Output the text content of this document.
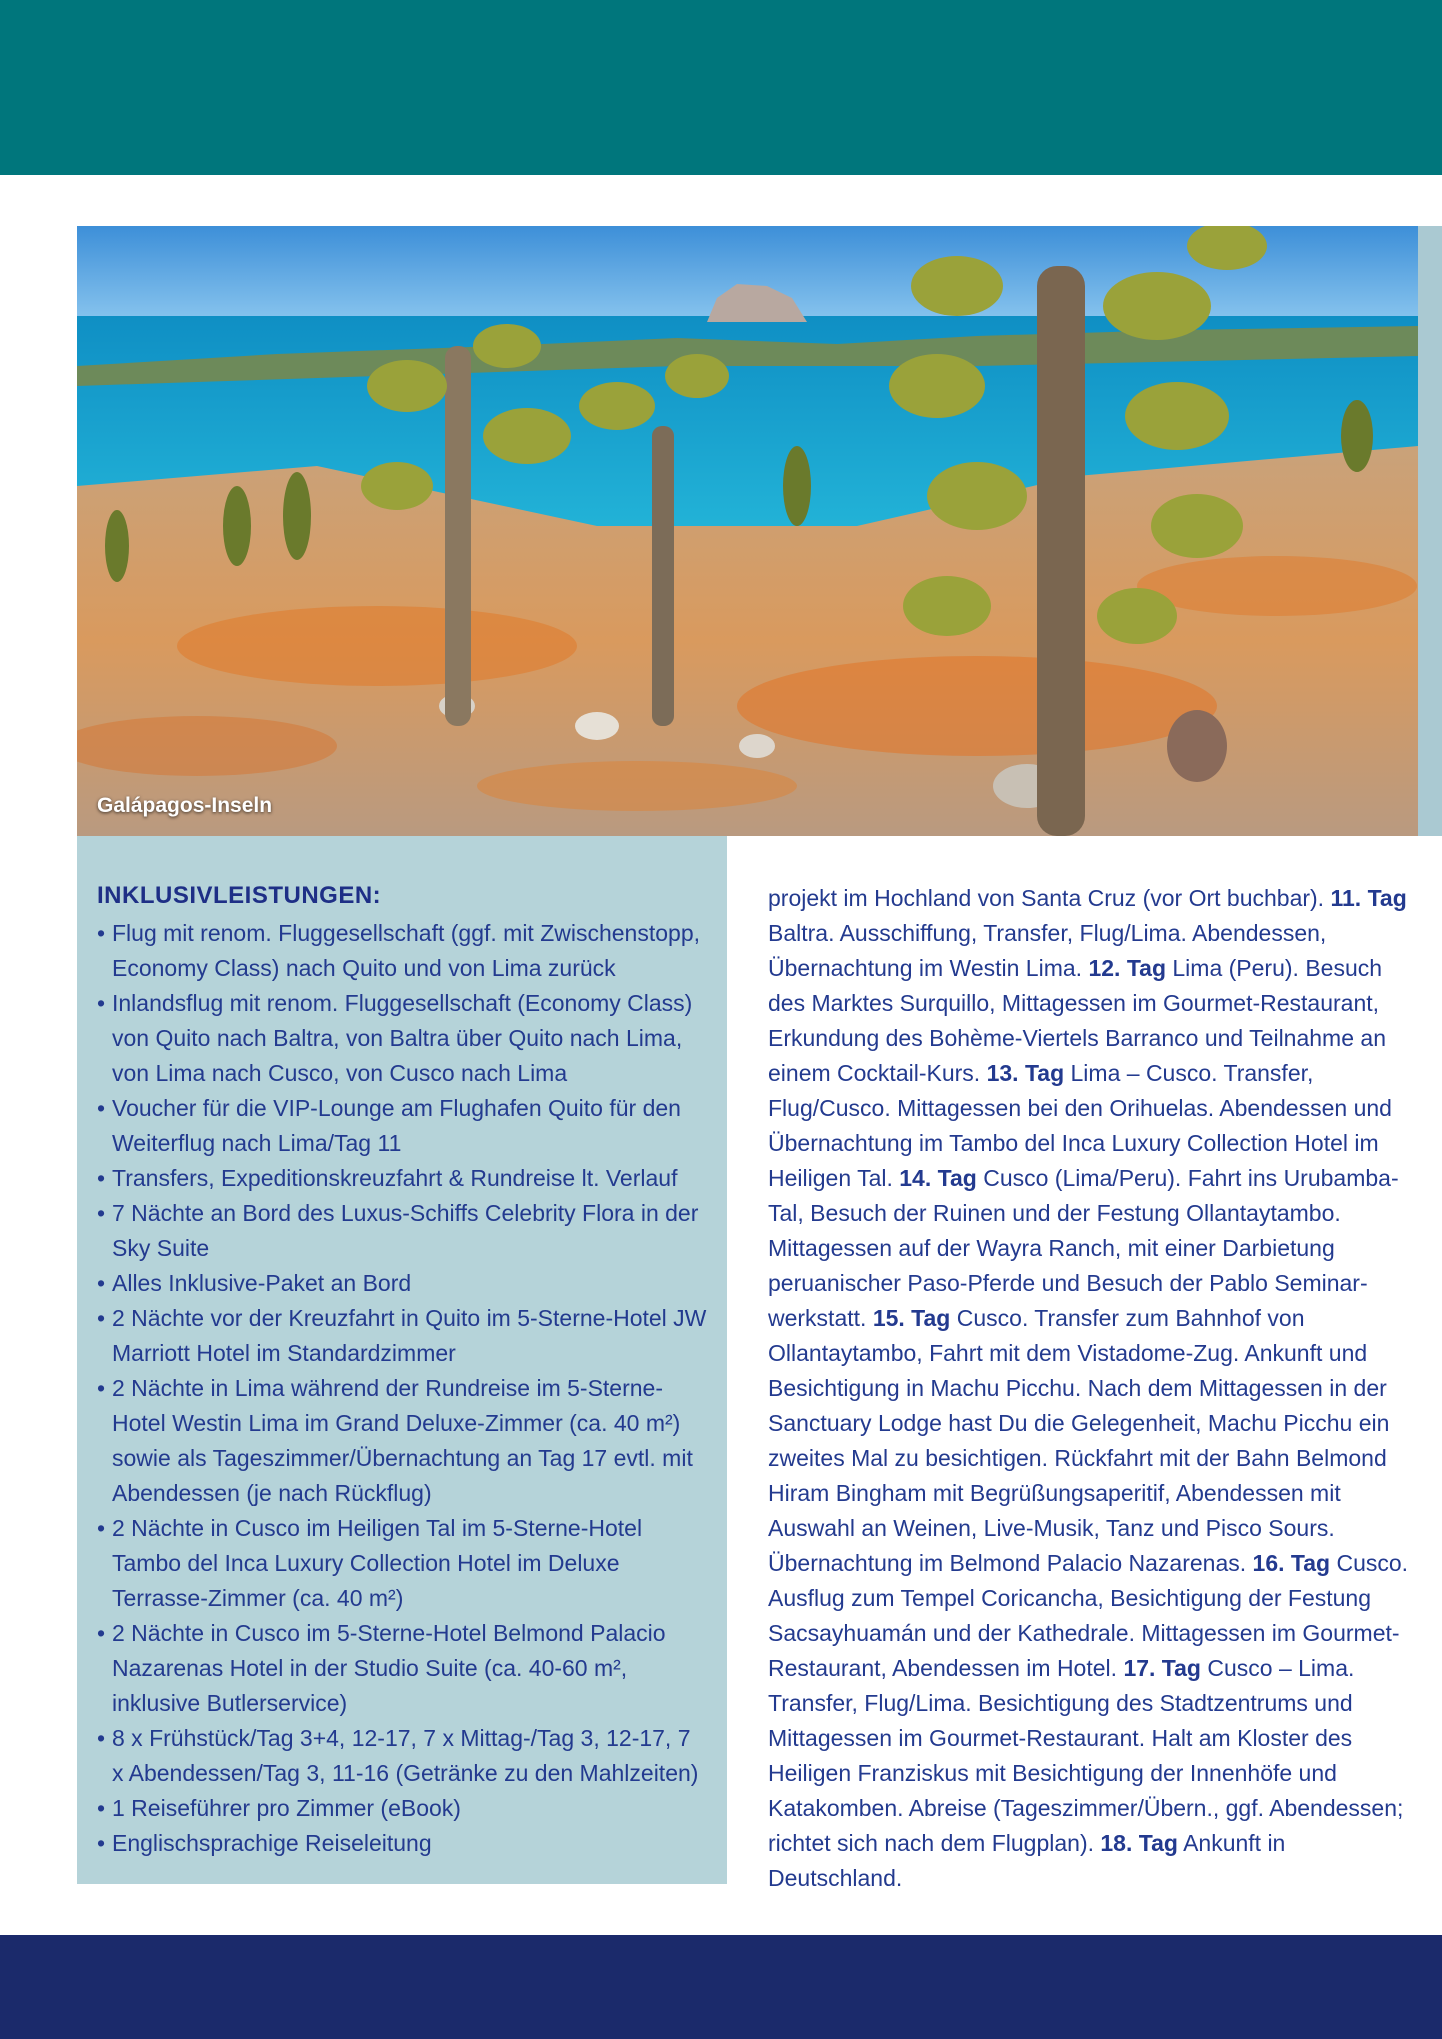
Galápagos-Inseln
INKLUSIVLEISTUNGEN:
• Flug mit renom. Fluggesellschaft (ggf. mit Zwischenstopp, Economy Class) nach Quito und von Lima zurück
• Inlandsflug mit renom. Fluggesellschaft (Economy Class) von Quito nach Baltra, von Baltra über Quito nach Lima, von Lima nach Cusco, von Cusco nach Lima
• Voucher für die VIP-Lounge am Flughafen Quito für den Weiterflug nach Lima/Tag 11
• Transfers, Expeditionskreuzfahrt & Rundreise lt. Verlauf
• 7 Nächte an Bord des Luxus-Schiffs Celebrity Flora in der Sky Suite
• Alles Inklusive-Paket an Bord
• 2 Nächte vor der Kreuzfahrt in Quito im 5-Sterne-Hotel JW Marriott Hotel im Standardzimmer
• 2 Nächte in Lima während der Rundreise im 5-Sterne-Hotel Westin Lima im Grand Deluxe-Zimmer (ca. 40 m²) sowie als Tageszimmer/Übernachtung an Tag 17 evtl. mit Abendessen (je nach Rückflug)
• 2 Nächte in Cusco im Heiligen Tal im 5-Sterne-Hotel Tambo del Inca Luxury Collection Hotel im Deluxe Terrasse-Zimmer (ca. 40 m²)
• 2 Nächte in Cusco im 5-Sterne-Hotel Belmond Palacio Nazarenas Hotel in der Studio Suite (ca. 40-60 m², inklusive Butlerservice)
• 8 x Frühstück/Tag 3+4, 12-17, 7 x Mittag-/Tag 3, 12-17, 7 x Abendessen/Tag 3, 11-16 (Getränke zu den Mahlzeiten)
• 1 Reiseführer pro Zimmer (eBook)
• Englischsprachige Reiseleitung

projekt im Hochland von Santa Cruz (vor Ort buchbar). 11. Tag Baltra. Ausschiffung, Transfer, Flug/Lima. Abendessen, Übernachtung im Westin Lima. 12. Tag Lima (Peru). Besuch des Marktes Surquillo, Mittagessen im Gourmet-Restaurant, Erkundung des Bohème-Viertels Barranco und Teilnahme an einem Cocktail-Kurs. 13. Tag Lima – Cusco. Transfer, Flug/Cusco. Mittagessen bei den Orihuelas. Abendessen und Übernachtung im Tambo del Inca Luxury Collection Hotel im Heiligen Tal. 14. Tag Cusco (Lima/Peru). Fahrt ins Urubamba-Tal, Besuch der Ruinen und der Festung Ollantaytambo. Mittagessen auf der Wayra Ranch, mit einer Darbietung peruanischer Paso-Pferde und Besuch der Pablo Seminar-werkstatt. 15. Tag Cusco. Transfer zum Bahnhof von Ollantaytambo, Fahrt mit dem Vistadome-Zug. Ankunft und Besichtigung in Machu Picchu. Nach dem Mittagessen in der Sanctuary Lodge hast Du die Gelegenheit, Machu Picchu ein zweites Mal zu besichtigen. Rückfahrt mit der Bahn Belmond Hiram Bingham mit Begrüßungsaperitif, Abendessen mit Auswahl an Weinen, Live-Musik, Tanz und Pisco Sours. Übernachtung im Belmond Palacio Nazarenas. 16. Tag Cusco. Ausflug zum Tempel Coricancha, Besichtigung der Festung Sacsayhuamán und der Kathedrale. Mittagessen im Gourmet-Restaurant, Abendessen im Hotel. 17. Tag Cusco – Lima. Transfer, Flug/Lima. Besichtigung des Stadtzentrums und Mittagessen im Gourmet-Restaurant. Halt am Kloster des Heiligen Franziskus mit Besichtigung der Innenhöfe und Katakomben. Abreise (Tageszimmer/Übern., ggf. Abendessen; richtet sich nach dem Flugplan). 18. Tag Ankunft in Deutschland.
